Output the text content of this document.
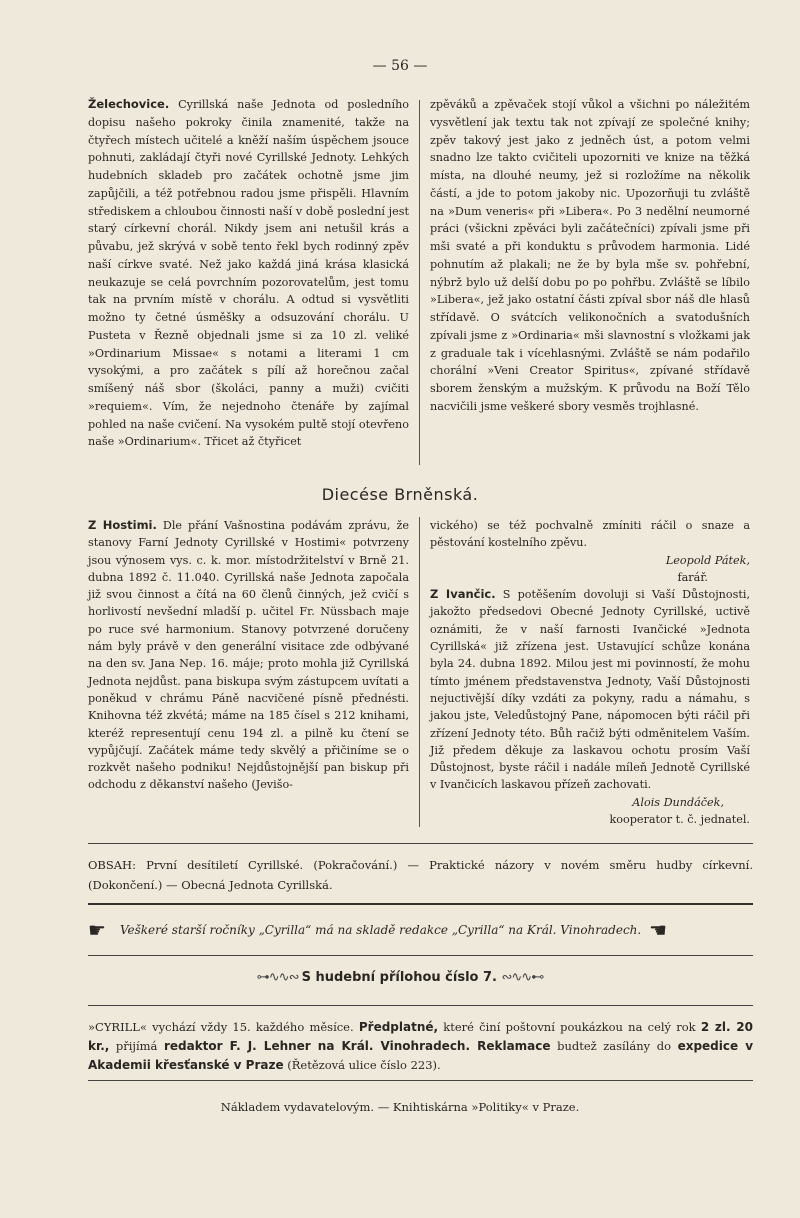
— 56 —

Želechovice. Cyrillská naše Jednota od posledního dopisu našeho pokroky činila znamenité, takže na čtyřech místech učitelé a kněží naším úspěchem jsouce pohnuti, zakládají čtyři nové Cyrillské Jednoty. Lehkých hudebních skladeb pro začátek ochotně jsme jim zapůjčili, a též potřebnou radou jsme přispěli. Hlavním střediskem a chloubou činnosti naší v době poslední jest starý církevní chorál. Nikdy jsem ani netušil krás a půvabu, jež skrývá v sobě tento řekl bych rodinný zpěv naší církve svaté. Než jako každá jiná krása klasická neukazuje se celá povrchním pozorovatelům, jest tomu tak na prvním místě v chorálu. A odtud si vysvětliti možno ty četné úsměšky a odsuzování chorálu. U Pusteta v Řezně objednali jsme si za 10 zl. veliké »Ordinarium Missae« s notami a literami 1 cm vysokými, a pro začátek s pílí až horečnou začal smíšený náš sbor (školáci, panny a muži) cvičiti »requiem«. Vím, že nejednoho čtenáře by zajímal pohled na naše cvičení. Na vysokém pultě stojí otevřeno naše »Ordinarium«. Třicet až čtyřicet

zpěváků a zpěvaček stojí vůkol a všichni po náležitém vysvětlení jak textu tak not zpívají ze společné knihy; zpěv takový jest jako z jedněch úst, a potom velmi snadno lze takto cvičiteli upozorniti ve knize na těžká místa, na dlouhé neumy, jež si rozložíme na několik částí, a jde to potom jakoby nic. Upozorňuji tu zvláště na »Dum veneris« při »Libera«. Po 3 nedělní neumorné práci (všickni zpěváci byli začátečníci) zpívali jsme při mši svaté a při konduktu s průvodem harmonia. Lidé pohnutím až plakali; ne že by byla mše sv. pohřební, nýbrž bylo už delší dobu po po pohřbu. Zvláště se líbilo »Libera«, jež jako ostatní části zpíval sbor náš dle hlasů střídavě. O svátcích velikonočních a svatodušních zpívali jsme z »Ordinaria« mši slavnostní s vložkami jak z graduale tak i vícehlasnými. Zvláště se nám podařilo chorální »Veni Creator Spiritus«, zpívané střídavě sborem ženským a mužským. K průvodu na Boží Tělo nacvičili jsme veškeré sbory vesměs trojhlasné.

Diecése Brněnská.

Z Hostimi. Dle přání Vašnostina podávám zprávu, že stanovy Farní Jednoty Cyrillské v Hostimi« potvrzeny jsou výnosem vys. c. k. mor. místodržitelství v Brně 21. dubna 1892 č. 11.040. Cyrillská naše Jednota započala již svou činnost a čítá na 60 členů činných, jež cvičí s horlivostí nevšední mladší p. učitel Fr. Nüssbach maje po ruce své harmonium. Stanovy potvrzené doručeny nám byly právě v den generální visitace zde odbývané na den sv. Jana Nep. 16. máje; proto mohla již Cyrillská Jednota nejdůst. pana biskupa svým zástupcem uvítati a poněkud v chrámu Páně nacvičené písně přednésti. Knihovna též zkvétá; máme na 185 čísel s 212 knihami, kteréž representují cenu 194 zl. a pilně ku čtení se vypůjčují. Začátek máme tedy skvělý a přičiníme se o rozkvět našeho podniku! Nejdůstojnější pan biskup při odchodu z děkanství našeho (Jevišo-

vického) se též pochvalně zmíniti ráčil o snaze a pěstování kostelního zpěvu.

Leopold Pátek,

farář.

Z Ivančic. S potěšením dovoluji si Vaší Důstojnosti, jakožto předsedovi Obecné Jednoty Cyrillské, uctivě oznámiti, že v naší farnosti Ivančické »Jednota Cyrillská« již zřízena jest. Ustavující schůze konána byla 24. dubna 1892. Milou jest mi povinností, že mohu tímto jménem představenstva Jednoty, Vaší Důstojnosti nejuctivější díky vzdáti za pokyny, radu a námahu, s jakou jste, Veledůstojný Pane, nápomocen býti ráčil při zřízení Jednoty této. Bůh račiž býti odměnitelem Vaším. Již předem děkuje za laskavou ochotu prosím Vaší Důstojnost, byste ráčil i nadále míleň Jednotě Cyrillské v Ivančicích laskavou přízeň zachovati.

Alois Dundáček,

kooperator t. č. jednatel.

OBSAH: První desítiletí Cyrillské. (Pokračování.) — Praktické názory v novém směru hudby církevní. (Dokončení.) — Obecná Jednota Cyrillská.
☛ Veškeré starší ročníky „Cyrilla“ má na skladě redakce „Cyrilla“ na Král. Vinohradech. ☛
⊶∿∿∾ S hudební přílohou číslo 7. ∾∿∿⊷
»CYRILL« vychází vždy 15. každého měsíce. Předplatné, které činí poštovní poukázkou na celý rok 2 zl. 20 kr., přijímá redaktor F. J. Lehner na Král. Vinohradech. Reklamace budtež zasílány do expedice v Akademii křesťanské v Praze (Řetězová ulice číslo 223).
Nákladem vydavatelovým. — Knihtiskárna »Politiky« v Praze.
